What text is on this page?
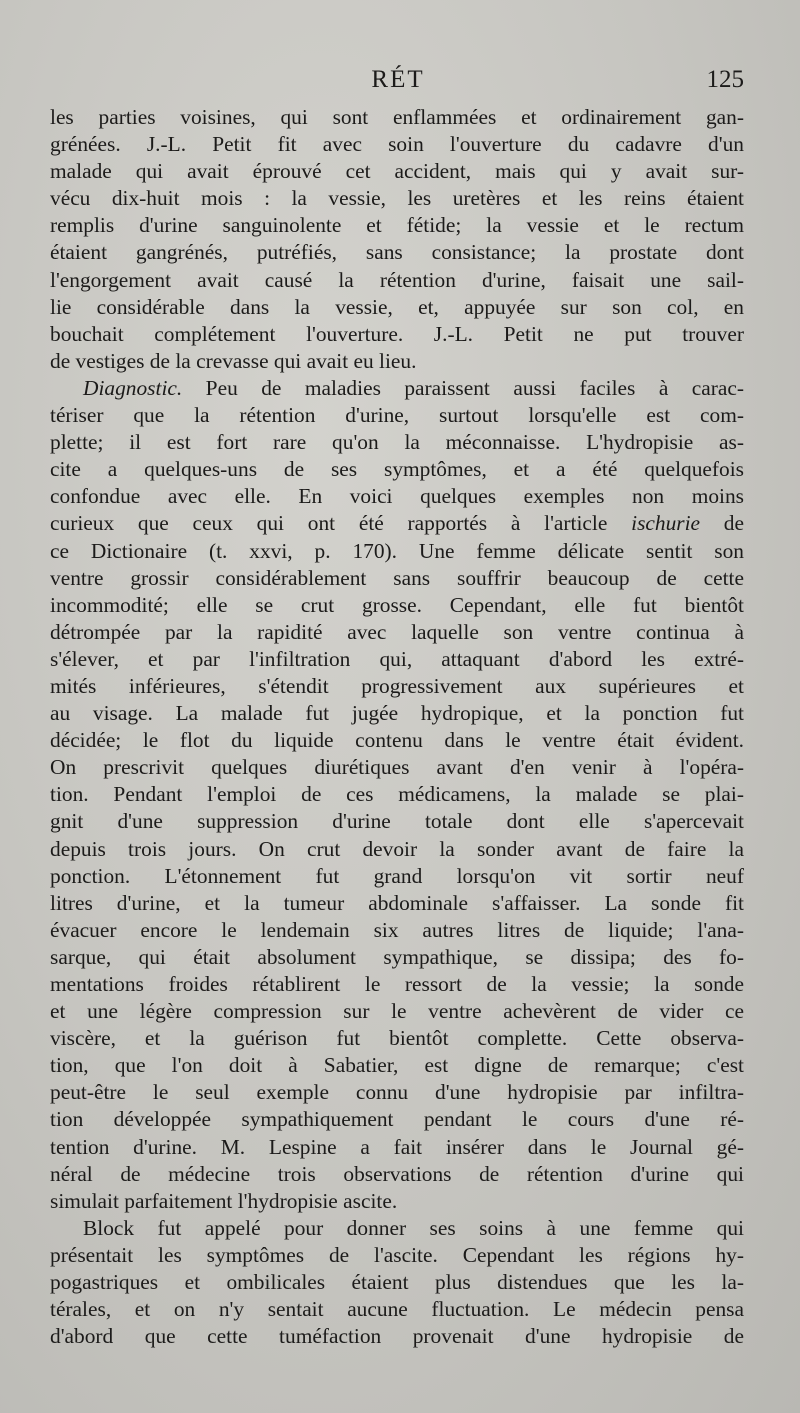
RÉT	125
les parties voisines, qui sont enflammées et ordinairement gan-
grénées. J.-L. Petit fit avec soin l'ouverture du cadavre d'un
malade qui avait éprouvé cet accident, mais qui y avait sur-
vécu dix-huit mois : la vessie, les uretères et les reins étaient
remplis d'urine sanguinolente et fétide; la vessie et le rectum
étaient gangrénés, putréfiés, sans consistance; la prostate dont
l'engorgement avait causé la rétention d'urine, faisait une sail-
lie considérable dans la vessie, et, appuyée sur son col, en
bouchait complétement l'ouverture. J.-L. Petit ne put trouver
de vestiges de la crevasse qui avait eu lieu.
Diagnostic. Peu de maladies paraissent aussi faciles à carac-
tériser que la rétention d'urine, surtout lorsqu'elle est com-
plette; il est fort rare qu'on la méconnaisse. L'hydropisie as-
cite a quelques-uns de ses symptômes, et a été quelquefois
confondue avec elle. En voici quelques exemples non moins
curieux que ceux qui ont été rapportés à l'article ischurie de
ce Dictionaire (t. xxvi, p. 170). Une femme délicate sentit son
ventre grossir considérablement sans souffrir beaucoup de cette
incommodité; elle se crut grosse. Cependant, elle fut bientôt
détrompée par la rapidité avec laquelle son ventre continua à
s'élever, et par l'infiltration qui, attaquant d'abord les extré-
mités inférieures, s'étendit progressivement aux supérieures et
au visage. La malade fut jugée hydropique, et la ponction fut
décidée; le flot du liquide contenu dans le ventre était évident.
On prescrivit quelques diurétiques avant d'en venir à l'opéra-
tion. Pendant l'emploi de ces médicamens, la malade se plai-
gnit d'une suppression d'urine totale dont elle s'apercevait
depuis trois jours. On crut devoir la sonder avant de faire la
ponction. L'étonnement fut grand lorsqu'on vit sortir neuf
litres d'urine, et la tumeur abdominale s'affaisser. La sonde fit
évacuer encore le lendemain six autres litres de liquide; l'ana-
sarque, qui était absolument sympathique, se dissipa; des fo-
mentations froides rétablirent le ressort de la vessie; la sonde
et une légère compression sur le ventre achevèrent de vider ce
viscère, et la guérison fut bientôt complette. Cette observa-
tion, que l'on doit à Sabatier, est digne de remarque; c'est
peut-être le seul exemple connu d'une hydropisie par infiltra-
tion développée sympathiquement pendant le cours d'une ré-
tention d'urine. M. Lespine a fait insérer dans le Journal gé-
néral de médecine trois observations de rétention d'urine qui
simulait parfaitement l'hydropisie ascite.
Block fut appelé pour donner ses soins à une femme qui
présentait les symptômes de l'ascite. Cependant les régions hy-
pogastriques et ombilicales étaient plus distendues que les la-
térales, et on n'y sentait aucune fluctuation. Le médecin pensa
d'abord que cette tuméfaction provenait d'une hydropisie de
